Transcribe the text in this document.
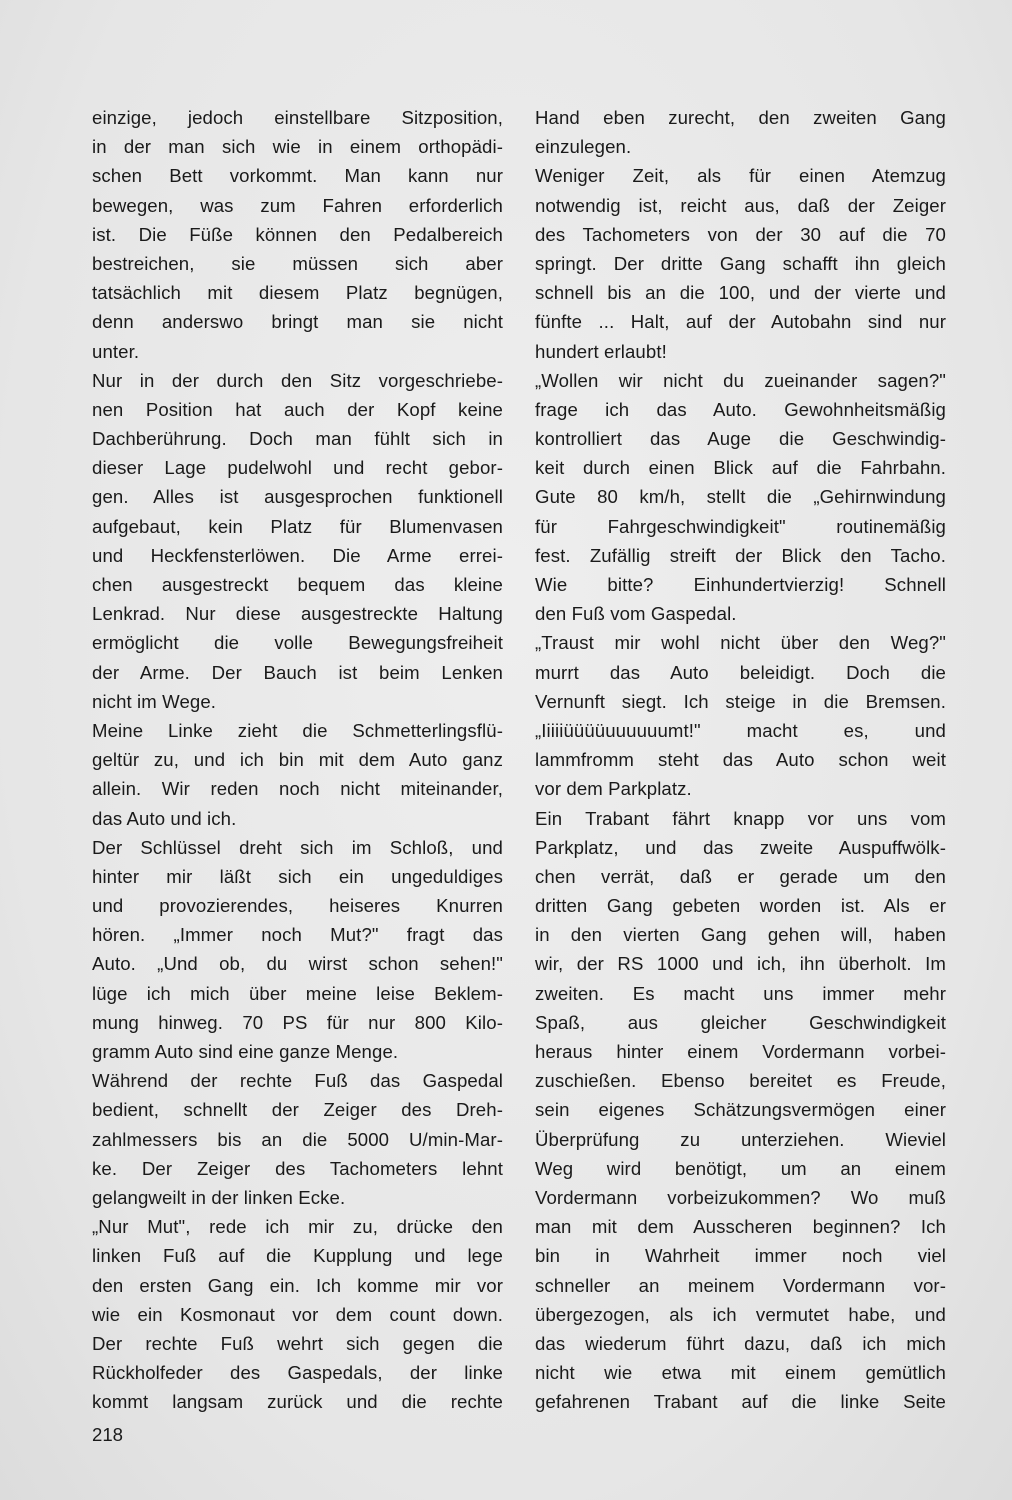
einzige, jedoch einstellbare Sitzposition,
in der man sich wie in einem orthopädi-
schen Bett vorkommt. Man kann nur
bewegen, was zum Fahren erforderlich
ist. Die Füße können den Pedalbereich
bestreichen, sie müssen sich aber
tatsächlich mit diesem Platz begnügen,
denn anderswo bringt man sie nicht
unter.
Nur in der durch den Sitz vorgeschriebe-
nen Position hat auch der Kopf keine
Dachberührung. Doch man fühlt sich in
dieser Lage pudelwohl und recht gebor-
gen. Alles ist ausgesprochen funktionell
aufgebaut, kein Platz für Blumenvasen
und Heckfensterlöwen. Die Arme errei-
chen ausgestreckt bequem das kleine
Lenkrad. Nur diese ausgestreckte Haltung
ermöglicht die volle Bewegungsfreiheit
der Arme. Der Bauch ist beim Lenken
nicht im Wege.
Meine Linke zieht die Schmetterlingsflü-
geltür zu, und ich bin mit dem Auto ganz
allein. Wir reden noch nicht miteinander,
das Auto und ich.
Der Schlüssel dreht sich im Schloß, und
hinter mir läßt sich ein ungeduldiges
und provozierendes, heiseres Knurren
hören. „Immer noch Mut?" fragt das
Auto. „Und ob, du wirst schon sehen!"
lüge ich mich über meine leise Beklem-
mung hinweg. 70 PS für nur 800 Kilo-
gramm Auto sind eine ganze Menge.
Während der rechte Fuß das Gaspedal
bedient, schnellt der Zeiger des Dreh-
zahlmessers bis an die 5000 U/min-Mar-
ke. Der Zeiger des Tachometers lehnt
gelangweilt in der linken Ecke.
„Nur Mut", rede ich mir zu, drücke den
linken Fuß auf die Kupplung und lege
den ersten Gang ein. Ich komme mir vor
wie ein Kosmonaut vor dem count down.
Der rechte Fuß wehrt sich gegen die
Rückholfeder des Gaspedals, der linke
kommt langsam zurück und die rechte
Hand eben zurecht, den zweiten Gang
einzulegen.
Weniger Zeit, als für einen Atemzug
notwendig ist, reicht aus, daß der Zeiger
des Tachometers von der 30 auf die 70
springt. Der dritte Gang schafft ihn gleich
schnell bis an die 100, und der vierte und
fünfte ... Halt, auf der Autobahn sind nur
hundert erlaubt!
„Wollen wir nicht du zueinander sagen?"
frage ich das Auto. Gewohnheitsmäßig
kontrolliert das Auge die Geschwindig-
keit durch einen Blick auf die Fahrbahn.
Gute 80 km/h, stellt die „Gehirnwindung
für Fahrgeschwindigkeit" routinemäßig
fest. Zufällig streift der Blick den Tacho.
Wie bitte? Einhundertvierzig! Schnell
den Fuß vom Gaspedal.
„Traust mir wohl nicht über den Weg?"
murrt das Auto beleidigt. Doch die
Vernunft siegt. Ich steige in die Bremsen.
„Iiiiiüüüüuuuuuumt!" macht es, und
lammfromm steht das Auto schon weit
vor dem Parkplatz.
Ein Trabant fährt knapp vor uns vom
Parkplatz, und das zweite Auspuffwölk-
chen verrät, daß er gerade um den
dritten Gang gebeten worden ist. Als er
in den vierten Gang gehen will, haben
wir, der RS 1000 und ich, ihn überholt. Im
zweiten. Es macht uns immer mehr
Spaß, aus gleicher Geschwindigkeit
heraus hinter einem Vordermann vorbei-
zuschießen. Ebenso bereitet es Freude,
sein eigenes Schätzungsvermögen einer
Überprüfung zu unterziehen. Wieviel
Weg wird benötigt, um an einem
Vordermann vorbeizukommen? Wo muß
man mit dem Ausscheren beginnen? Ich
bin in Wahrheit immer noch viel
schneller an meinem Vordermann vor-
übergezogen, als ich vermutet habe, und
das wiederum führt dazu, daß ich mich
nicht wie etwa mit einem gemütlich
gefahrenen Trabant auf die linke Seite
218
